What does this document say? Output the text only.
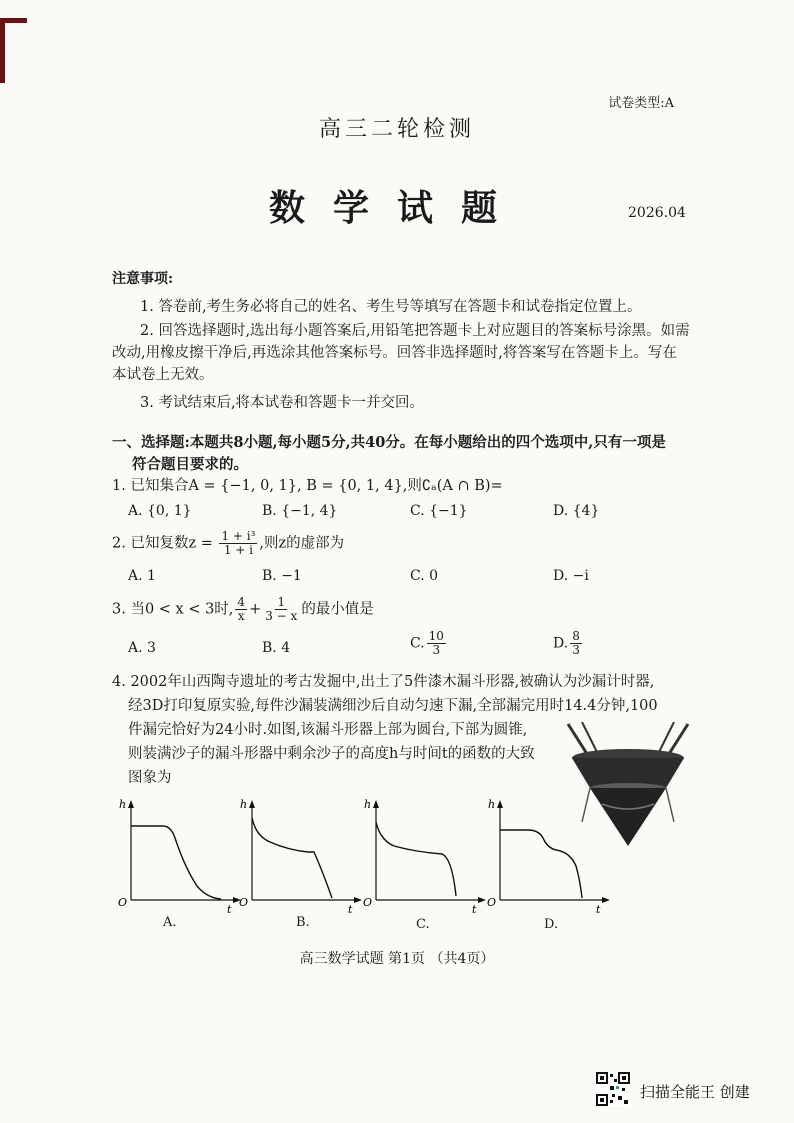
试卷类型:A
高三二轮检测
数学试题	2026.04
注意事项:
1. 答卷前,考生务必将自己的姓名、考生号等填写在答题卡和试卷指定位置上。
2. 回答选择题时,选出每小题答案后,用铅笔把答题卡上对应题目的答案标号涂黑。如需改动,用橡皮擦干净后,再选涂其他答案标号。回答非选择题时,将答案写在答题卡上。写在本试卷上无效。
3. 考试结束后,将本试卷和答题卡一并交回。
一、选择题:本题共8小题,每小题5分,共40分。在每小题给出的四个选项中,只有一项是
符合题目要求的。
1. 已知集合A = {−1, 0, 1}, B = {0, 1, 4},则∁ₐ(A ∩ B)=
A. {0, 1}	B. {−1, 4}	C. {−1}	D. {4}
2. 已知复数$z = \frac{\text{1 + i³}}{1 + i}$ ,则z的虚部为
A. 1	B. −1	C. 0	D. −i
3. 当0 < x < 3时, $\frac{4}{x} + \frac{1}{3 - x}$ 的最小值是
A. 3	B. 4	C. $\frac{10}{3}$	D. $\frac{8}{3}$
4. 2002年山西陶寺遗址的考古发掘中,出土了5件漆木漏斗形器,被确认为沙漏计时器,
经3D打印复原实验,每件沙漏装满细沙后自动匀速下漏,全部漏完用时14.4分钟,100
件漏完恰好为24小时.如图,该漏斗形器上部为圆台,下部为圆锥,
则装满沙子的漏斗形器中剩余沙子的高度h与时间t的函数的大致
图象为
h
t
O
A.
h
t
O
B.
h
t
O
C.
h
t
O
D.
高三数学试题 第1页 （共4页）
扫描全能王 创建
